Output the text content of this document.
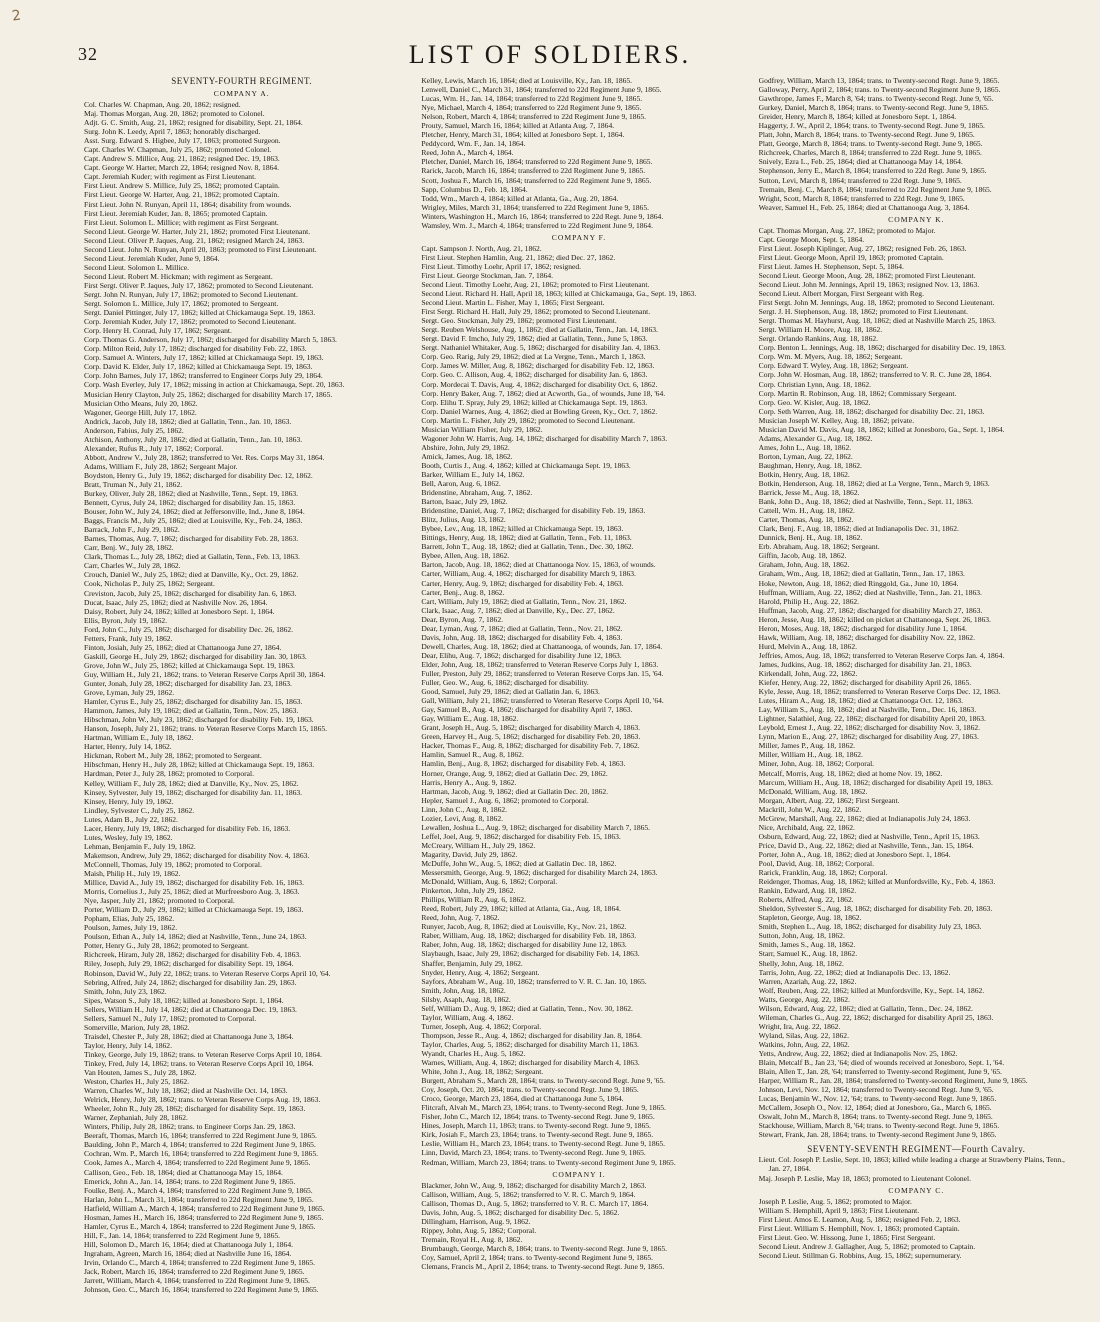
2
32	LIST OF SOLDIERS.
SEVENTY-FOURTH REGIMENT.
COMPANY A.
Col. Charles W. Chapman, Aug. 20, 1862; resigned.
Maj. Thomas Morgan, Aug. 20, 1862; promoted to Colonel.
Adjt. G. C. Smith, Aug. 21, 1862; resigned for disability, Sept. 21, 1864.
Surg. John K. Leedy, April 7, 1863; honorably discharged.
Asst. Surg. Edward S. Higbee, July 17, 1863; promoted Surgeon.
Capt. Charles W. Chapman, July 25, 1862; promoted Colonel.
Capt. Andrew S. Millice, Aug. 21, 1862; resigned Dec. 19, 1863.
Capt. George W. Harter, March 22, 1864; resigned Nov. 8, 1864.
Capt. Jeremiah Kuder; with regiment as First Lieutenant.
First Lieut. Andrew S. Millice, July 25, 1862; promoted Captain.
First Lieut. George W. Harter, Aug. 21, 1862; promoted Captain.
First Lieut. John N. Runyan, April 11, 1864; disability from wounds.
First Lieut. Jeremiah Kuder, Jan. 8, 1865; promoted Captain.
First Lieut. Solomon L. Millice; with regiment as First Sergeant.
Second Lieut. George W. Harter, July 21, 1862; promoted First Lieutenant.
Second Lieut. Oliver P. Jaques, Aug. 21, 1862; resigned March 24, 1863.
Second Lieut. John N. Runyan, April 20, 1863; promoted to First Lieutenant.
Second Lieut. Jeremiah Kuder, June 9, 1864.
Second Lieut. Solomon L. Millice.
Second Lieut. Robert M. Hickman; with regiment as Sergeant.
First Sergt. Oliver P. Jaques, July 17, 1862; promoted to Second Lieutenant.
Sergt. John N. Runyan, July 17, 1862; promoted to Second Lieutenant.
Sergt. Solomon L. Millice, July 17, 1862; promoted to Sergeant.
Sergt. Daniel Pittinger, July 17, 1862; killed at Chickamauga Sept. 19, 1863.
Corp. Jeremiah Kuder, July 17, 1862; promoted to Second Lieutenant.
Corp. Henry H. Conrad, July 17, 1862; Sergeant.
Corp. Thomas G. Anderson, July 17, 1862; discharged for disability March 5, 1863.
Corp. Milton Reid, July 17, 1862; discharged for disability Feb. 22, 1863.
Corp. Samuel A. Winters, July 17, 1862; killed at Chickamauga Sept. 19, 1863.
Corp. David K. Elder, July 17, 1862; killed at Chickamauga Sept. 19, 1863.
Corp. John Barnes, July 17, 1862; transferred to Engineer Corps July 29, 1864.
Corp. Wash Everley, July 17, 1862; missing in action at Chickamauga, Sept. 20, 1863.
Musician Henry Clayton, July 25, 1862; discharged for disability March 17, 1865.
Musician Otho Means, July 20, 1862.
Wagoner, George Hill, July 17, 1862.
Andrick, Jacob, July 18, 1862; died at Gallatin, Tenn., Jan. 10, 1863.
Anderson, Fabius, July 25, 1862.
Atchison, Anthony, July 28, 1862; died at Gallatin, Tenn., Jan. 10, 1863.
Alexander, Rufus R., July 17, 1862; Corporal.
Abbott, Andrew V., July 28, 1862; transferred to Vet. Res. Corps May 31, 1864.
Adams, William F., July 28, 1862; Sergeant Major.
Boydston, Henry G., July 19, 1862; discharged for disability Dec. 12, 1862.
Bratt, Truman N., July 21, 1862.
Burkey, Oliver, July 28, 1862; died at Nashville, Tenn., Sept. 19, 1863.
Bennett, Cyrus, July 24, 1862; discharged for disability Jan. 15, 1863.
Bouser, John W., July 24, 1862; died at Jeffersonville, Ind., June 8, 1864.
Baggs, Francis M., July 25, 1862; died at Louisville, Ky., Feb. 24, 1863.
Barrack, John F., July 29, 1862.
Barnes, Thomas, Aug. 7, 1862; discharged for disability Feb. 28, 1863.
Carr, Benj. W., July 28, 1862.
Clark, Thomas L., July 28, 1862; died at Gallatin, Tenn., Feb. 13, 1863.
Carr, Charles W., July 28, 1862.
Crouch, Daniel W., July 25, 1862; died at Danville, Ky., Oct. 29, 1862.
Cook, Nicholas P., July 25, 1862; Sergeant.
Creviston, Jacob, July 25, 1862; discharged for disability Jan. 6, 1863.
Ducat, Isaac, July 25, 1862; died at Nashville Nov. 26, 1864.
Daisy, Robert, July 24, 1862; killed at Jonesboro Sept. 1, 1864.
Ellis, Byron, July 19, 1862.
Ford, John C., July 25, 1862; discharged for disability Dec. 26, 1862.
Fetters, Frank, July 19, 1862.
Finton, Josiah, July 25, 1862; died at Chattanooga June 27, 1864.
Gaskill, George H., July 29, 1862; discharged for disability Jan. 30, 1863.
Grove, John W., July 25, 1862; killed at Chickamauga Sept. 19, 1863.
Guy, William H., July 21, 1862; trans. to Veteran Reserve Corps April 30, 1864.
Gunter, Jonah, July 28, 1862; discharged for disability Jan. 23, 1863.
Grove, Lyman, July 29, 1862.
Hamler, Cyrus E., July 25, 1862; discharged for disability Jan. 15, 1863.
Hammon, James, July 19, 1862; died at Gallatin, Tenn., Nov. 25, 1863.
Hibschman, John W., July 23, 1862; discharged for disability Feb. 19, 1863.
Hanson, Joseph, July 21, 1862; trans. to Veteran Reserve Corps March 15, 1865.
Hartman, William E., July 18, 1862.
Harter, Henry, July 14, 1862.
Hickman, Robert M., July 28, 1862; promoted to Sergeant.
Hibschman, Henry H., July 28, 1862; killed at Chickamauga Sept. 19, 1863.
Hardman, Peter J., July 28, 1862; promoted to Corporal.
Kelley, William F., July 28, 1862; died at Danville, Ky., Nov. 25, 1862.
Kinsey, Sylvester, July 19, 1862; discharged for disability Jan. 11, 1863.
Kinsey, Henry, July 19, 1862.
Lindley, Sylvester C., July 25, 1862.
Lutes, Adam B., July 22, 1862.
Lacer, Henry, July 19, 1862; discharged for disability Feb. 16, 1863.
Lutes, Wesley, July 19, 1862.
Lehman, Benjamin F., July 19, 1862.
Makemson, Andrew, July 29, 1862; discharged for disability Nov. 4, 1863.
McConnell, Thomas, July 19, 1862; promoted to Corporal.
Maish, Philip H., July 19, 1862.
Millice, David A., July 19, 1862; discharged for disability Feb. 16, 1863.
Morris, Cornelius J., July 25, 1862; died at Murfreesboro Aug. 3, 1863.
Nye, Jasper, July 21, 1862; promoted to Corporal.
Porter, William D., July 29, 1862; killed at Chickamauga Sept. 19, 1863.
Popham, Elias, July 25, 1862.
Poulson, James, July 19, 1862.
Poulson, Ethan A., July 14, 1862; died at Nashville, Tenn., June 24, 1863.
Potter, Henry G., July 28, 1862; promoted to Sergeant.
Richcreek, Hiram, July 28, 1862; discharged for disability Feb. 4, 1863.
Riley, Joseph, July 29, 1862; discharged for disability Sept. 19, 1864.
Robinson, David W., July 22, 1862; trans. to Veteran Reserve Corps April 10, '64.
Sebring, Alfred, July 24, 1862; discharged for disability Jan. 29, 1863.
Smith, John, July 23, 1862.
Sipes, Watson S., July 18, 1862; killed at Jonesboro Sept. 1, 1864.
Sellers, William H., July 14, 1862; died at Chattanooga Dec. 19, 1863.
Sellers, Samuel N., July 17, 1862; promoted to Corporal.
Somerville, Marion, July 28, 1862.
Traisdel, Chester P., July 28, 1862; died at Chattanooga June 3, 1864.
Taylor, Henry, July 14, 1862.
Tinkey, George, July 19, 1862; trans. to Veteran Reserve Corps April 10, 1864.
Tinkey, Fred, July 14, 1862; trans. to Veteran Reserve Corps April 10, 1864.
Van Houten, James S., July 28, 1862.
Weston, Charles H., July 25, 1862.
Warren, Charles W., July 18, 1862; died at Nashville Oct. 14, 1863.
Welrick, Henry, July 28, 1862; trans. to Veteran Reserve Corps Aug. 19, 1863.
Wheeler, John R., July 28, 1862; discharged for disability Sept. 19, 1863.
Warner, Zephaniah, July 28, 1862.
Winters, Philip, July 28, 1862; trans. to Engineer Corps Jan. 29, 1863.
Beeraft, Thomas, March 16, 1864; transferred to 22d Regiment June 9, 1865.
Baulding, John P., March 4, 1864; transferred to 22d Regiment June 9, 1865.
Cochran, Wm. P., March 16, 1864; transferred to 22d Regiment June 9, 1865.
Cook, James A., March 4, 1864; transferred to 22d Regiment June 9, 1865.
Callison, Geo., Feb. 18, 1864; died at Chattanooga May 15, 1864.
Emerick, John A., Jan. 14, 1864; trans. to 22d Regiment June 9, 1865.
Foulke, Benj. A., March 4, 1864; transferred to 22d Regiment June 9, 1865.
Harlan, John L., March 31, 1864; transferred to 22d Regiment June 9, 1865.
Hatfield, William A., March 4, 1864; transferred to 22d Regiment June 9, 1865.
Hosman, James H., March 16, 1864; transferred to 22d Regiment June 9, 1865.
Hamler, Cyrus E., March 4, 1864; transferred to 22d Regiment June 9, 1865.
Hill, F., Jan. 14, 1864; transferred to 22d Regiment June 9, 1865.
Hill, Solomon D., March 16, 1864; died at Chattanooga July 1, 1864.
Ingraham, Agreen, March 16, 1864; died at Nashville June 16, 1864.
Irvin, Orlando C., March 4, 1864; transferred to 22d Regiment June 9, 1865.
Jack, Robert, March 16, 1864; transferred to 22d Regiment June 9, 1865.
Jarrett, William, March 4, 1864; transferred to 22d Regiment June 9, 1865.
Johnson, Geo. C., March 16, 1864; transferred to 22d Regiment June 9, 1865.
Kelley, Lewis, March 16, 1864; died at Louisville, Ky., Jan. 18, 1865.
Lenwell, Daniel C., March 31, 1864; transferred to 22d Regiment June 9, 1865.
Lucas, Wm. H., Jan. 14, 1864; transferred to 22d Regiment June 9, 1865.
Nye, Michael, March 4, 1864; transferred to 22d Regiment June 9, 1865.
Nelson, Robert, March 4, 1864; transferred to 22d Regiment June 9, 1865.
Prouty, Samuel, March 16, 1864; killed at Atlanta Aug. 7, 1864.
Pletcher, Henry, March 31, 1864; killed at Jonesboro Sept. 1, 1864.
Peddycord, Wm. F., Jan. 14, 1864.
Reed, John A., March 4, 1864.
Pletcher, Daniel, March 16, 1864; transferred to 22d Regiment June 9, 1865.
Rarick, Jacob, March 16, 1864; transferred to 22d Regiment June 9, 1865.
Scott, Joshua F., March 16, 1864; transferred to 22d Regiment June 9, 1865.
Sapp, Columbus D., Feb. 18, 1864.
Todd, Wm., March 4, 1864; killed at Atlanta, Ga., Aug. 20, 1864.
Wrigley, Miles, March 31, 1864; transferred to 22d Regiment June 9, 1865.
Winters, Washington H., March 16, 1864; transferred to 22d Regt. June 9, 1864.
Wamsley, Wm. J., March 4, 1864; transferred to 22d Regiment June 9, 1864.
COMPANY F.
Capt. Sampson J. North, Aug. 21, 1862.
First Lieut. Stephen Hamlin, Aug. 21, 1862; died Dec. 27, 1862.
First Lieut. Timothy Loehr, April 17, 1862; resigned.
First Lieut. George Stockman, Jan. 7, 1864.
Second Lieut. Timothy Loehr, Aug. 21, 1862; promoted to First Lieutenant.
Second Lieut. Richard H. Hall, April 18, 1863; killed at Chickamauga, Ga., Sept. 19, 1863.
Second Lieut. Martin L. Fisher, May 1, 1865; First Sergeant.
First Sergt. Richard H. Hall, July 29, 1862; promoted to Second Lieutenant.
Sergt. Geo. Stockman, July 29, 1862; promoted First Lieutenant.
Sergt. Reuben Welshouse, Aug. 1, 1862; died at Gallatin, Tenn., Jan. 14, 1863.
Sergt. David F. Imcho, July 29, 1862; died at Gallatin, Tenn., June 5, 1863.
Sergt. Nathaniel Whitaker, Aug. 5, 1862; discharged for disability Jan. 4, 1863.
Corp. Geo. Rarig, July 29, 1862; died at La Vergne, Tenn., March 1, 1863.
Corp. James W. Miller, Aug. 8, 1862; discharged for disability Feb. 12, 1863.
Corp. Geo. C. Allison, Aug. 4, 1862; discharged for disability Jan. 6, 1863.
Corp. Mordecai T. Davis, Aug. 4, 1862; discharged for disability Oct. 6, 1862.
Corp. Henry Baker, Aug. 7, 1862; died at Acworth, Ga., of wounds, June 18, '64.
Corp. Elihu T. Spray, July 29, 1862; killed at Chickamauga Sept. 19, 1863.
Corp. Daniel Warnes, Aug. 4, 1862; died at Bowling Green, Ky., Oct. 7, 1862.
Corp. Martin L. Fisher, July 29, 1862; promoted to Second Lieutenant.
Musician William Fisher, July 29, 1862.
Wagoner John W. Harris, Aug. 14, 1862; discharged for disability March 7, 1863.
Abshire, John, July 29, 1862.
Amick, James, Aug. 18, 1862.
Booth, Curtis J., Aug. 4, 1862; killed at Chickamauga Sept. 19, 1863.
Barker, William E., July 14, 1862.
Bell, Aaron, Aug. 6, 1862.
Bridenstine, Abraham, Aug. 7, 1862.
Barton, Isaac, July 29, 1862.
Bridenstine, Daniel, Aug. 7, 1862; discharged for disability Feb. 19, 1863.
Blitz, Julius, Aug. 13, 1862.
Bybee, Lev., Aug. 18, 1862; killed at Chickamauga Sept. 19, 1863.
Bittings, Henry, Aug. 18, 1862; died at Gallatin, Tenn., Feb. 11, 1863.
Barrett, John T., Aug. 18, 1862; died at Gallatin, Tenn., Dec. 30, 1862.
Bybee, Allen, Aug. 18, 1862.
Barton, Jacob, Aug. 18, 1862; died at Chattanooga Nov. 15, 1863, of wounds.
Carter, William, Aug. 4, 1862; discharged for disability March 9, 1863.
Carter, Henry, Aug. 9, 1862; discharged for disability Feb. 4, 1863.
Carter, Benj., Aug. 8, 1862.
Cart, William, July 19, 1862; died at Gallatin, Tenn., Nov. 21, 1862.
Clark, Isaac, Aug. 7, 1862; died at Danville, Ky., Dec. 27, 1862.
Dear, Byron, Aug. 7, 1862.
Dear, Lyman, Aug. 7, 1862; died at Gallatin, Tenn., Nov. 21, 1862.
Davis, John, Aug. 18, 1862; discharged for disability Feb. 4, 1863.
Dewell, Charles, Aug. 18, 1862; died at Chattanooga, of wounds, Jan. 17, 1864.
Dear, Elihu, Aug. 7, 1862; discharged for disability June 12, 1863.
Elder, John, Aug. 18, 1862; transferred to Veteran Reserve Corps July 1, 1863.
Fuller, Preston, July 29, 1862; transferred to Veteran Reserve Corps Jan. 15, '64.
Fuller, Geo. W., Aug. 6, 1862; discharged for disability.
Good, Samuel, July 29, 1862; died at Gallatin Jan. 6, 1863.
Gall, William, July 21, 1862; transferred to Veteran Reserve Corps April 10, '64.
Gay, Samuel B., Aug. 4, 1862; discharged for disability April 7, 1863.
Gay, William E., Aug. 18, 1862.
Grant, Joseph H., Aug. 5, 1862; discharged for disability March 4, 1863.
Green, Harvey H., Aug. 5, 1862; discharged for disability Feb. 20, 1863.
Hacker, Thomas F., Aug. 8, 1862; discharged for disability Feb. 7, 1862.
Hamlin, Samuel R., Aug. 8, 1862.
Hamlin, Benj., Aug. 8, 1862; discharged for disability Feb. 4, 1863.
Horner, Orange, Aug. 9, 1862; died at Gallatin Dec. 29, 1862.
Harris, Henry A., Aug. 9, 1862.
Hartman, Jacob, Aug. 9, 1862; died at Gallatin Dec. 20, 1862.
Hepler, Samuel J., Aug. 6, 1862; promoted to Corporal.
Linn, John C., Aug. 8, 1862.
Lozier, Levi, Aug. 8, 1862.
Lewallen, Joshua L., Aug. 9, 1862; discharged for disability March 7, 1865.
Leffel, Joel, Aug. 9, 1862; discharged for disability Feb. 15, 1863.
McCreary, William H., July 29, 1862.
Magarity, David, July 29, 1862.
McDuffe, John W., Aug. 5, 1862; died at Gallatin Dec. 18, 1862.
Messersmith, George, Aug. 9, 1862; discharged for disability March 24, 1863.
McDonald, William, Aug. 6, 1862; Corporal.
Pinkerton, John, July 29, 1862.
Phillips, William R., Aug. 6, 1862.
Reed, Robert, July 29, 1862; killed at Atlanta, Ga., Aug. 18, 1864.
Reed, John, Aug. 7, 1862.
Runyer, Jacob, Aug. 8, 1862; died at Louisville, Ky., Nov. 21, 1862.
Raber, William, Aug. 18, 1862; discharged for disability Feb. 18, 1863.
Raber, John, Aug. 18, 1862; discharged for disability June 12, 1863.
Slaybaugh, Isaac, July 29, 1862; discharged for disability Feb. 14, 1863.
Shaffer, Benjamin, July 29, 1862.
Snyder, Henry, Aug. 4, 1862; Sergeant.
Sayfors, Abraham W., Aug. 10, 1862; transferred to V. R. C. Jan. 10, 1865.
Smith, John, Aug. 18, 1862.
Silsby, Asaph, Aug. 18, 1862.
Self, William D., Aug. 9, 1862; died at Gallatin, Tenn., Nov. 30, 1862.
Taylor, William, Aug. 4, 1862.
Turner, Joseph, Aug. 4, 1862; Corporal.
Thompson, Jesse R., Aug. 4, 1862; discharged for disability Jan. 8, 1864.
Taylor, Charles, Aug. 5, 1862; discharged for disability March 11, 1863.
Wyandt, Charles H., Aug. 5, 1862.
Warnes, William, Aug. 4, 1862; discharged for disability March 4, 1863.
White, John J., Aug. 18, 1862; Sergeant.
Burgett, Abraham S., March 28, 1864; trans. to Twenty-second Regt. June 9, '65.
Coy, Joseph, Oct. 20, 1864; trans. to Twenty-second Regt. June 9, 1865.
Croco, George, March 23, 1864, died at Chattanooga June 5, 1864.
Flitcraft, Alvah M., March 23, 1864; trans. to Twenty-second Regt. June 9, 1865.
Fisher, John C., March 12, 1864; trans. to Twenty-second Regt. June 9, 1865.
Hines, Joseph, March 11, 1863; trans. to Twenty-second Regt. June 9, 1865.
Kirk, Josiah F., March 23, 1864; trans. to Twenty-second Regt. June 9, 1865.
Leslie, William H., March 23, 1864; trans. to Twenty-second Regt. June 9, 1865.
Linn, David, March 23, 1864; trans. to Twenty-second Regt. June 9, 1865.
Redman, William, March 23, 1864; trans. to Twenty-second Regiment June 9, 1865.
COMPANY I.
Blackmer, John W., Aug. 9, 1862; discharged for disability March 2, 1863.
Callison, William, Aug. 5, 1862; transferred to V. R. C. March 9, 1864.
Callison, Thomas D., Aug. 5, 1862; transferred to V. R. C. March 17, 1864.
Davis, John, Aug. 5, 1862; discharged for disability Dec. 5, 1862.
Dillingham, Harrison, Aug. 9, 1862.
Rippey, John, Aug. 5, 1862; Corporal.
Tremain, Royal H., Aug. 8, 1862.
Brumbaugh, George, March 8, 1864; trans. to Twenty-second Regt. June 9, 1865.
Coy, Samuel, April 2, 1864; trans. to Twenty-second Regiment June 9, 1865.
Clemans, Francis M., April 2, 1864; trans. to Twenty-second Regt. June 9, 1865.
Godfrey, William, March 13, 1864; trans. to Twenty-second Regt. June 9, 1865.
Galloway, Perry, April 2, 1864; trans. to Twenty-second Regiment June 9, 1865.
Gawthrope, James F., March 8, '64; trans. to Twenty-second Regt. June 9, '65.
Gurkey, Daniel, March 8, 1864; trans. to Twenty-second Regt. June 9, 1865.
Greider, Henry, March 8, 1864; killed at Jonesboro Sept. 1, 1864.
Haggerty, J. W., April 2, 1864; trans. to Twenty-second Regt. June 9, 1865.
Platt, John, March 8, 1864; trans. to Twenty-second Regt. June 9, 1865.
Platt, George, March 8, 1864; trans. to Twenty-second Regt. June 9, 1865.
Richcreek, Charles, March 8, 1864; transferred to 22d Regt. June 9, 1865.
Snively, Ezra L., Feb. 25, 1864; died at Chattanooga May 14, 1864.
Stephenson, Jerry E., March 8, 1864; transferred to 22d Regt. June 9, 1865.
Sutton, Levi, March 8, 1864; transferred to 22d Regt. June 9, 1865.
Tremain, Benj. C., March 8, 1864; transferred to 22d Regiment June 9, 1865.
Wright, Scott, March 8, 1864; transferred to 22d Regt. June 9, 1865.
Weaver, Samuel H., Feb. 25, 1864; died at Chattanooga Aug. 3, 1864.
COMPANY K.
Capt. Thomas Morgan, Aug. 27, 1862; promoted to Major.
Capt. George Moon, Sept. 5, 1864.
First Lieut. Joseph Kiplinger, Aug. 27, 1862; resigned Feb. 26, 1863.
First Lieut. George Moon, April 19, 1863; promoted Captain.
First Lieut. James H. Stephenson, Sept. 5, 1864.
Second Lieut. George Moon, Aug. 28, 1862; promoted First Lieutenant.
Second Lieut. John M. Jennings, April 19, 1863; resigned Nov. 13, 1863.
Second Lieut. Albert Morgan, First Sergeant with Reg.
First Sergt. John M. Jennings, Aug. 18, 1862; promoted to Second Lieutenant.
Sergt. J. H. Stephenson, Aug. 18, 1862; promoted to First Lieutenant.
Sergt. Thomas M. Hayhurst, Aug. 18, 1862; died at Nashville March 25, 1863.
Sergt. William H. Moore, Aug. 18, 1862.
Sergt. Orlando Rankins, Aug. 18, 1862.
Corp. Benton L. Jennings, Aug. 18, 1862; discharged for disability Dec. 19, 1863.
Corp. Wm. M. Myers, Aug. 18, 1862; Sergeant.
Corp. Edward T. Wyley, Aug. 18, 1862; Sergeant.
Corp. John W. Hosman, Aug. 18, 1862; transferred to V. R. C. June 28, 1864.
Corp. Christian Lynn, Aug. 18, 1862.
Corp. Martin R. Robinson, Aug. 18, 1862; Commissary Sergeant.
Corp. Geo. W. Kisler, Aug. 18, 1862.
Corp. Seth Warren, Aug. 18, 1862; discharged for disability Dec. 21, 1863.
Musician Joseph W. Kelley, Aug. 18, 1862; private.
Musician David M. Davis, Aug. 18, 1862; killed at Jonesboro, Ga., Sept. 1, 1864.
Adams, Alexander G., Aug. 18, 1862.
Ames, John L., Aug. 18, 1862.
Borton, Lyman, Aug. 22, 1862.
Baughman, Henry, Aug. 18, 1862.
Botkin, Henry, Aug. 18, 1862.
Botkin, Henderson, Aug. 18, 1862; died at La Vergne, Tenn., March 9, 1863.
Barrick, Jesse M., Aug. 18, 1862.
Bank, John D., Aug. 18, 1862; died at Nashville, Tenn., Sept. 11, 1863.
Cattell, Wm. H., Aug. 18, 1862.
Carter, Thomas, Aug. 18, 1862.
Clark, Benj. F., Aug. 18, 1862; died at Indianapolis Dec. 31, 1862.
Dunnick, Benj. H., Aug. 18, 1862.
Erb. Abraham, Aug. 18, 1862; Sergeant.
Giffin, Jacob, Aug. 18, 1862.
Graham, John, Aug. 18, 1862.
Graham, Wm., Aug. 18, 1862; died at Gallatin, Tenn., Jan. 17, 1863.
Hoke, Newton, Aug. 18, 1862; died Ringgold, Ga., June 10, 1864.
Huffman, William, Aug. 22, 1862; died at Nashville, Tenn., Jan. 21, 1863.
Harold, Philip H., Aug. 22, 1862.
Huffman, Jacob, Aug. 27, 1862; discharged for disability March 27, 1863.
Heron, Jesse, Aug. 18, 1862; killed on picket at Chattanooga, Sept. 26, 1863.
Heron, Moses, Aug. 18, 1862; discharged for disability June 1, 1864.
Hawk, William, Aug. 18, 1862; discharged for disability Nov. 22, 1862.
Hurd, Melvin A., Aug. 18, 1862.
Jeffries, Amos, Aug. 18, 1862; transferred to Veteran Reserve Corps Jan. 4, 1864.
James, Judkins, Aug. 18, 1862; discharged for disability Jan. 21, 1863.
Kirkendall, John, Aug. 22, 1862.
Kiefer, Henry, Aug. 22, 1862; discharged for disability April 26, 1865.
Kyle, Jesse, Aug. 18, 1862; transferred to Veteran Reserve Corps Dec. 12, 1863.
Lutes, Hiram A., Aug. 18, 1862; died at Chattanooga Oct. 12, 1863.
Lay, William S., Aug. 18, 1862; died at Nashville, Tenn., Dec. 16, 1863.
Lightner, Salathiel, Aug. 22, 1862; discharged for disability April 20, 1863.
Leybold, Ernest J., Aug. 22, 1862; discharged for disability Nov. 3, 1862.
Lynn, Marion E., Aug. 27, 1862; discharged for disability Aug. 27, 1863.
Miller, James P., Aug. 18, 1862.
Miller, William H., Aug. 18, 1862.
Miner, John, Aug. 18, 1862; Corporal.
Metcalf, Morris, Aug. 18, 1862; died at home Nov. 19, 1862.
Marcum, William H., Aug. 18, 1862; discharged for disability April 19, 1863.
McDonald, William, Aug. 18, 1862.
Morgan, Albert, Aug. 22, 1862; First Sergeant.
Mackrill, John W., Aug. 22, 1862.
McGrew, Marshall, Aug. 22, 1862; died at Indianapolis July 24, 1863.
Nice, Archibald, Aug. 22, 1862.
Osburn, Edward, Aug. 22, 1862; died at Nashville, Tenn., April 15, 1863.
Price, David D., Aug. 22, 1862; died at Nashville, Tenn., Jan. 15, 1864.
Porter, John A., Aug. 18, 1862; died at Jonesboro Sept. 1, 1864.
Pool, David, Aug. 18, 1862; Corporal.
Rarick, Franklin, Aug. 18, 1862; Corporal.
Reidenger, Thomas, Aug. 18, 1862; killed at Munfordsville, Ky., Feb. 4, 1863.
Rankin, Edward, Aug. 18, 1862.
Roberts, Alfred, Aug. 22, 1862.
Sheldon, Sylvester S., Aug. 18, 1862; discharged for disability Feb. 20, 1863.
Stapleton, George, Aug. 18, 1862.
Smith, Stephen L., Aug. 18, 1862; discharged for disability July 23, 1863.
Sutton, John, Aug. 18, 1862.
Smith, James S., Aug. 18, 1862.
Starr, Samuel K., Aug. 18, 1862.
Shelly, John, Aug. 18, 1862.
Tarris, John, Aug. 22, 1862; died at Indianapolis Dec. 13, 1862.
Warren, Azariah, Aug. 22, 1862.
Wolf, Reuben, Aug. 22, 1862; killed at Munfordsville, Ky., Sept. 14, 1862.
Watts, George, Aug. 22, 1862.
Wilson, Edward, Aug. 22, 1862; died at Gallatin, Tenn., Dec. 24, 1862.
Wileman, Charles G., Aug. 22, 1862; discharged for disability April 25, 1863.
Wright, Ira, Aug. 22, 1862.
Wyland, Silas, Aug. 22, 1862.
Watkins, John, Aug. 22, 1862.
Yetts, Andrew, Aug. 22, 1862; died at Indianapolis Nov. 25, 1862.
Blain, Metcalf B., Jan 23, '64; died of wounds received at Jonesboro, Sept. 1, '64.
Blain, Allen T., Jan. 28, '64; transferred to Twenty-second Regiment, June 9, '65.
Harper, William R., Jan. 28, 1864; transferred to Twenty-second Regiment, June 9, 1865.
Johnson, Levi, Nov. 12, 1864; transferred to Twenty-second Regt. June 9, '65.
Lucas, Benjamin W., Nov. 12, '64; trans. to Twenty-second Regt. June 9, 1865.
McCallem, Joseph O., Nov. 12, 1864; died at Jonesboro, Ga., March 6, 1865.
Oswalt, John M., March 8, 1864; trans. to Twenty-second Regt. June 9, 1865.
Stackhouse, William, March 8, '64; trans. to Twenty-second Regt. June 9, 1865.
Stewart, Frank, Jan. 28, 1864; trans. to Twenty-second Regiment June 9, 1865.
SEVENTY-SEVENTH REGIMENT—Fourth Cavalry.
Lieut. Col. Joseph P. Leslie, Sept. 10, 1863; killed while leading a charge at Strawberry Plains, Tenn., Jan. 27, 1864.
Maj. Joseph P. Leslie, May 18, 1863; promoted to Lieutenant Colonel.
COMPANY C.
Joseph P. Leslie, Aug. 5, 1862; promoted to Major.
William S. Hemphill, April 9, 1863; First Lieutenant.
First Lieut. Amos E. Leamon, Aug. 5, 1862; resigned Feb. 2, 1863.
First Lieut. William S. Hemphill, Nov. 1, 1863; promoted Captain.
First Lieut. Geo. W. Hissong, June 1, 1865; First Sergeant.
Second Lieut. Andrew J. Gallagher, Aug. 5, 1862; promoted to Captain.
Second Lieut. Stillman G. Robbins, Aug. 15, 1862; supernumerary.
